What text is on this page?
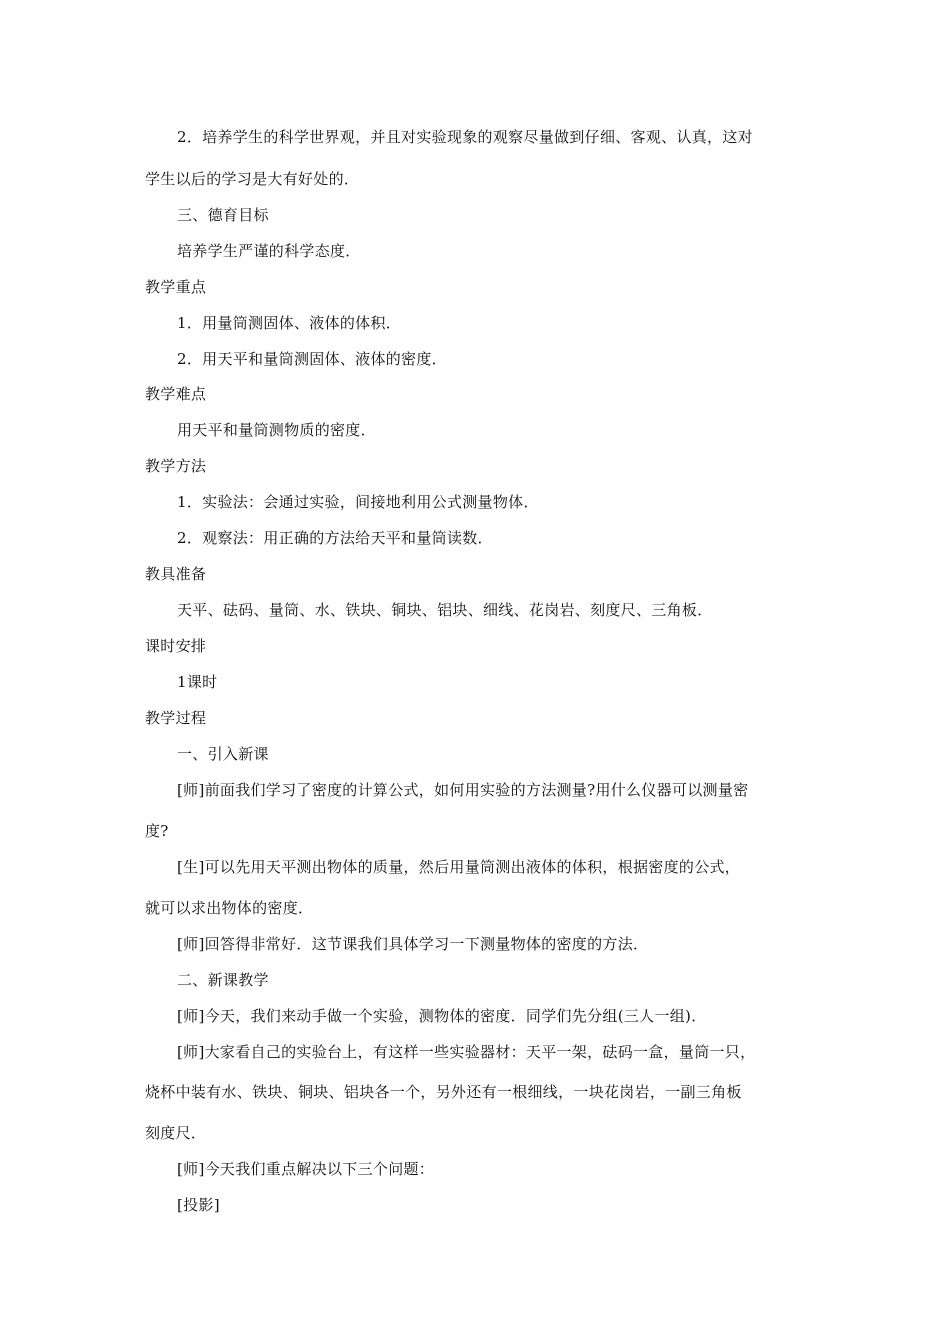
2．培养学生的科学世界观，并且对实验现象的观察尽量做到仔细、客观、认真，这对
学生以后的学习是大有好处的．
三、德育目标
培养学生严谨的科学态度．
教学重点
1．用量筒测固体、液体的体积．
2．用天平和量筒测固体、液体的密度．
教学难点
用天平和量筒测物质的密度．
教学方法
1．实验法：会通过实验，间接地利用公式测量物体．
2．观察法：用正确的方法给天平和量筒读数．
教具准备
天平、砝码、量筒、水、铁块、铜块、铝块、细线、花岗岩、刻度尺、三角板．
课时安排
1课时
教学过程
一、引入新课
[师]前面我们学习了密度的计算公式，如何用实验的方法测量?用什么仪器可以测量密
度?
[生]可以先用天平测出物体的质量，然后用量筒测出液体的体积，根据密度的公式，
就可以求出物体的密度．
[师]回答得非常好．这节课我们具体学习一下测量物体的密度的方法．
二、新课教学
[师]今天，我们来动手做一个实验，测物体的密度．同学们先分组(三人一组)．
[师]大家看自己的实验台上，有这样一些实验器材：天平一架，砝码一盒，量筒一只，
烧杯中装有水、铁块、铜块、铝块各一个，另外还有一根细线，一块花岗岩，一副三角板
刻度尺．
[师]今天我们重点解决以下三个问题：
[投影]
